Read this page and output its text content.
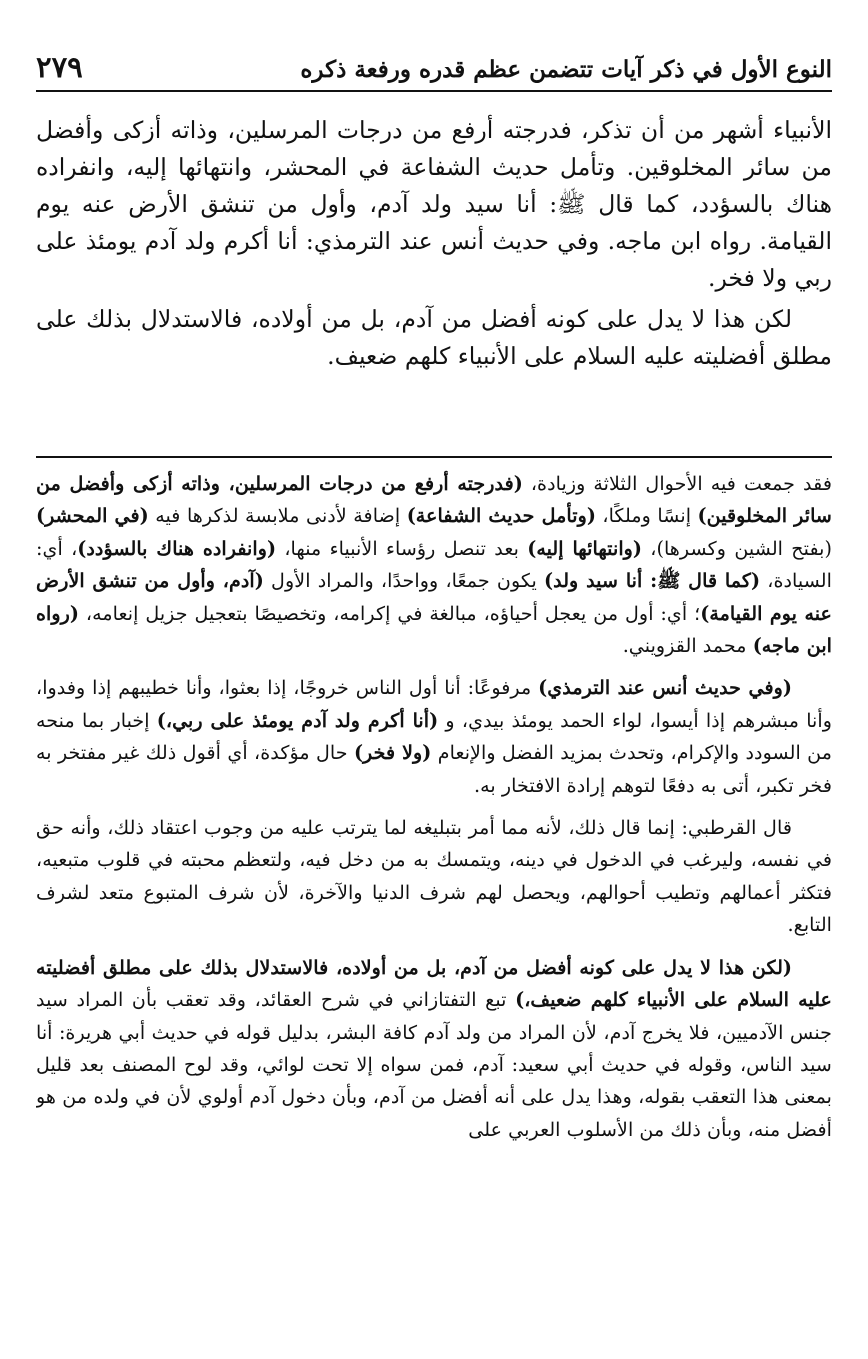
النوع الأول في ذكر آيات تتضمن عظم قدره ورفعة ذكره
٢٧٩

الأنبياء أشهر من أن تذكر، فدرجته أرفع من درجات المرسلين، وذاته أزكى وأفضل من سائر المخلوقين. وتأمل حديث الشفاعة في المحشر، وانتهائها إليه، وانفراده هناك بالسؤدد، كما قال ﷺ: أنا سيد ولد آدم، وأول من تنشق الأرض عنه يوم القيامة. رواه ابن ماجه. وفي حديث أنس عند الترمذي: أنا أكرم ولد آدم يومئذ على ربي ولا فخر.

لكن هذا لا يدل على كونه أفضل من آدم، بل من أولاده، فالاستدلال بذلك على مطلق أفضليته عليه السلام على الأنبياء كلهم ضعيف.

فقد جمعت فيه الأحوال الثلاثة وزيادة، (فدرجته أرفع من درجات المرسلين، وذاته أزكى وأفضل من سائر المخلوقين) إنسًا وملكًا، (وتأمل حديث الشفاعة) إضافة لأدنى ملابسة لذكرها فيه (في المحشر) (بفتح الشين وكسرها)، (وانتهائها إليه) بعد تنصل رؤساء الأنبياء منها، (وانفراده هناك بالسؤدد)، أي: السيادة، (كما قال ﷺ: أنا سيد ولد) يكون جمعًا، وواحدًا، والمراد الأول (آدم، وأول من تنشق الأرض عنه يوم القيامة)؛ أي: أول من يعجل أحياؤه، مبالغة في إكرامه، وتخصيصًا بتعجيل جزيل إنعامه، (رواه ابن ماجه) محمد القزويني.

(وفي حديث أنس عند الترمذي) مرفوعًا: أنا أول الناس خروجًا، إذا بعثوا، وأنا خطيبهم إذا وفدوا، وأنا مبشرهم إذا أيسوا، لواء الحمد يومئذ بيدي، و (أنا أكرم ولد آدم يومئذ على ربي،) إخبار بما منحه من السودد والإكرام، وتحدث بمزيد الفضل والإنعام (ولا فخر) حال مؤكدة، أي أقول ذلك غير مفتخر به فخر تكبر، أتى به دفعًا لتوهم إرادة الافتخار به.

قال القرطبي: إنما قال ذلك، لأنه مما أمر بتبليغه لما يترتب عليه من وجوب اعتقاد ذلك، وأنه حق في نفسه، وليرغب في الدخول في دينه، ويتمسك به من دخل فيه، ولتعظم محبته في قلوب متبعيه، فتكثر أعمالهم وتطيب أحوالهم، ويحصل لهم شرف الدنيا والآخرة، لأن شرف المتبوع متعد لشرف التابع.

(لكن هذا لا يدل على كونه أفضل من آدم، بل من أولاده، فالاستدلال بذلك على مطلق أفضليته عليه السلام على الأنبياء كلهم ضعيف،) تبع التفتازاني في شرح العقائد، وقد تعقب بأن المراد سيد جنس الآدميين، فلا يخرج آدم، لأن المراد من ولد آدم كافة البشر، بدليل قوله في حديث أبي هريرة: أنا سيد الناس، وقوله في حديث أبي سعيد: آدم، فمن سواه إلا تحت لوائي، وقد لوح المصنف بعد قليل بمعنى هذا التعقب بقوله، وهذا يدل على أنه أفضل من آدم، وبأن دخول آدم أولوي لأن في ولده من هو أفضل منه، وبأن ذلك من الأسلوب العربي على
